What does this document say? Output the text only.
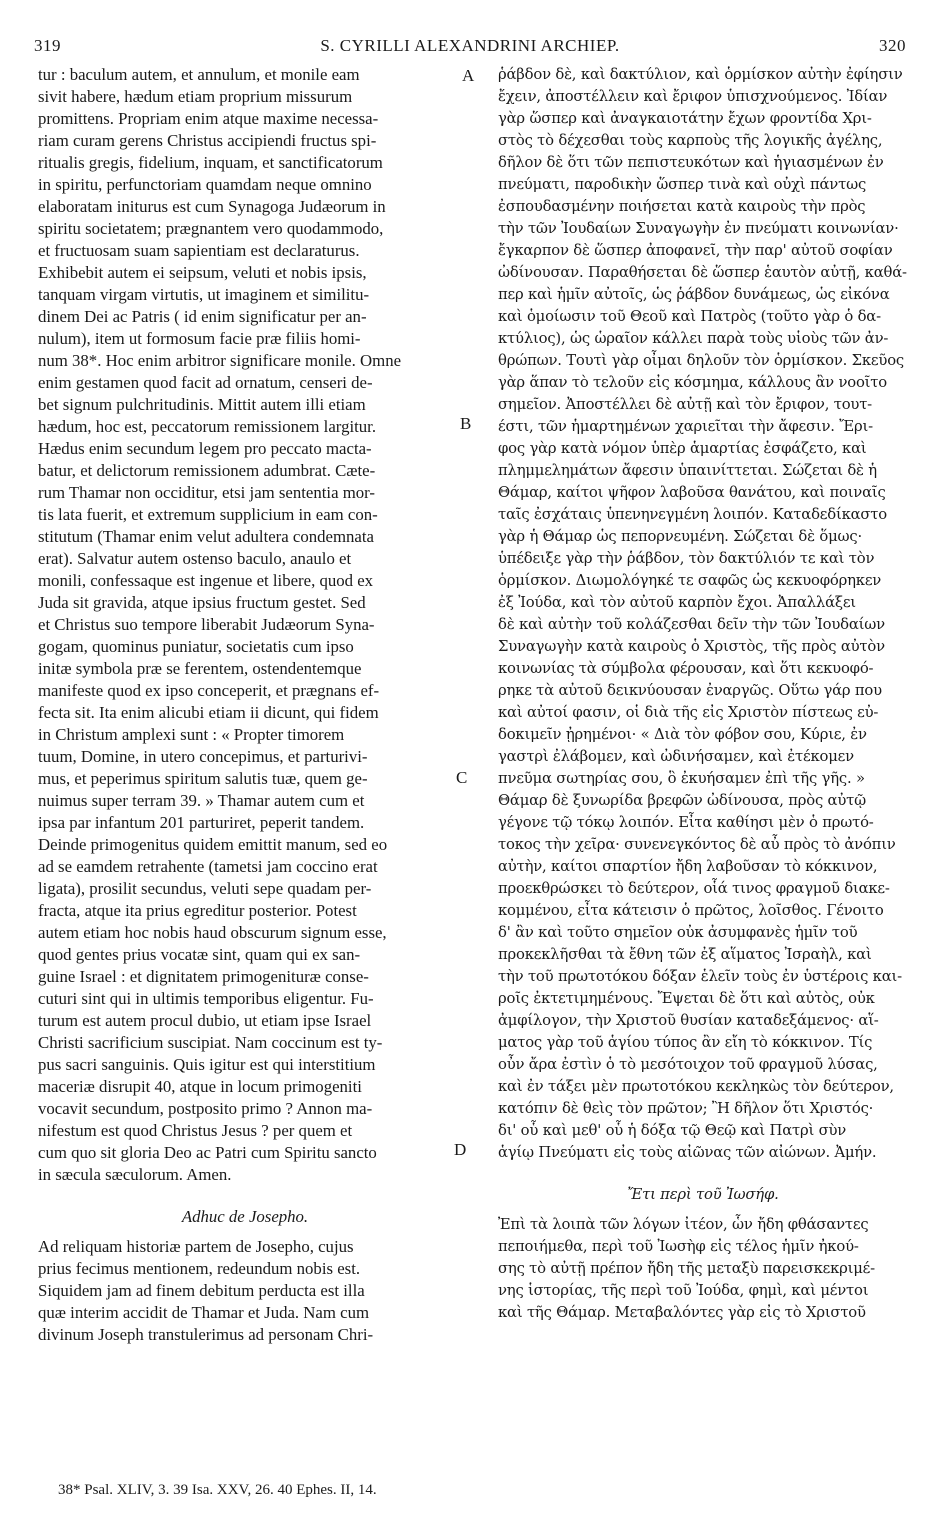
319	S. CYRILLI ALEXANDRINI ARCHIEP.	320
tur : baculum autem, et annulum, et monile eam
sivit habere, hædum etiam proprium missurum
promittens. Propriam enim atque maxime necessa-
riam curam gerens Christus accipiendi fructus spi-
ritualis gregis, fidelium, inquam, et sanctificatorum
in spiritu, perfunctoriam quamdam neque omnino
elaboratam initurus est cum Synagoga Judæorum in
spiritu societatem; prægnantem vero quodammodo,
et fructuosam suam sapientiam est declaraturus.
Exhibebit autem ei seipsum, veluti et nobis ipsis,
tanquam virgam virtutis, ut imaginem et similitu-
dinem Dei ac Patris ( id enim significatur per an-
nulum), item ut formosum facie præ filiis homi-
num 38*. Hoc enim arbitror significare monile. Omne
enim gestamen quod facit ad ornatum, censeri de-
bet signum pulchritudinis. Mittit autem illi etiam
hædum, hoc est, peccatorum remissionem largitur.
Hædus enim secundum legem pro peccato macta-
batur, et delictorum remissionem adumbrat. Cæte-
rum Thamar non occiditur, etsi jam sententia mor-
tis lata fuerit, et extremum supplicium in eam con-
stitutum (Thamar enim velut adultera condemnata
erat). Salvatur autem ostenso baculo, anaulo et
monili, confessaque est ingenue et libere, quod ex
Juda sit gravida, atque ipsius fructum gestet. Sed
et Christus suo tempore liberabit Judæorum Syna-
gogam, quominus puniatur, societatis cum ipso
initæ symbola præ se ferentem, ostendentemque
manifeste quod ex ipso conceperit, et prægnans ef-
fecta sit. Ita enim alicubi etiam ii dicunt, qui fidem
in Christum amplexi sunt : « Propter timorem
tuum, Domine, in utero concepimus, et parturivi-
mus, et peperimus spiritum salutis tuæ, quem ge-
nuimus super terram 39. » Thamar autem cum et
ipsa par infantum 201 parturiret, peperit tandem.
Deinde primogenitus quidem emittit manum, sed eo
ad se eamdem retrahente (tametsi jam coccino erat
ligata), prosilit secundus, veluti sepe quadam per-
fracta, atque ita prius egreditur posterior. Potest
autem etiam hoc nobis haud obscurum signum esse,
quod gentes prius vocatæ sint, quam qui ex san-
guine Israel : et dignitatem primogenituræ conse-
cuturi sint qui in ultimis temporibus eligentur. Fu-
turum est autem procul dubio, ut etiam ipse Israel
Christi sacrificium suscipiat. Nam coccinum est ty-
pus sacri sanguinis. Quis igitur est qui interstitium
maceriæ disrupit 40, atque in locum primogeniti
vocavit secundum, postposito primo ? Annon ma-
nifestum est quod Christus Jesus ? per quem et
cum quo sit gloria Deo ac Patri cum Spiritu sancto
in sæcula sæculorum. Amen.
Adhuc de Josepho.
Ad reliquam historiæ partem de Josepho, cujus
prius fecimus mentionem, redeundum nobis est.
Siquidem jam ad finem debitum perducta est illa
quæ interim accidit de Thamar et Juda. Nam cum
divinum Joseph transtulerimus ad personam Chri-
ῥάβδον δὲ, καὶ δακτύλιον, καὶ ὁρμίσκον αὐτὴν ἐφίησιν
ἔχειν, ἀποστέλλειν καὶ ἔριφον ὑπισχνούμενος. Ἰδίαν
γὰρ ὥσπερ καὶ ἀναγκαιοτάτην ἔχων φροντίδα Χρι-
στὸς τὸ δέχεσθαι τοὺς καρποὺς τῆς λογικῆς ἀγέλης,
δῆλον δὲ ὅτι τῶν πεπιστευκότων καὶ ἡγιασμένων ἐν
πνεύματι, παροδικὴν ὥσπερ τινὰ καὶ οὐχὶ πάντως
ἐσπουδασμένην ποιήσεται κατὰ καιροὺς τὴν πρὸς
τὴν τῶν Ἰουδαίων Συναγωγὴν ἐν πνεύματι κοινωνίαν·
ἔγκαρπον δὲ ὥσπερ ἀποφανεῖ, τὴν παρ' αὐτοῦ σοφίαν
ὠδίνουσαν. Παραθήσεται δὲ ὥσπερ ἑαυτὸν αὐτῇ, καθά-
περ καὶ ἡμῖν αὐτοῖς, ὡς ῥάβδον δυνάμεως, ὡς εἰκόνα
καὶ ὁμοίωσιν τοῦ Θεοῦ καὶ Πατρὸς (τοῦτο γὰρ ὁ δα-
κτύλιος), ὡς ὡραῖον κάλλει παρὰ τοὺς υἱοὺς τῶν ἀν-
θρώπων. Τουτὶ γὰρ οἶμαι δηλοῦν τὸν ὁρμίσκον. Σκεῦος
γὰρ ἅπαν τὸ τελοῦν εἰς κόσμημα, κάλλους ἂν νοοῖτο
σημεῖον. Ἀποστέλλει δὲ αὐτῇ καὶ τὸν ἔριφον, τουτ-
έστι, τῶν ἡμαρτημένων χαριεῖται τὴν ἄφεσιν. Ἔρι-
φος γὰρ κατὰ νόμον ὑπὲρ ἁμαρτίας ἐσφάζετο, καὶ
πλημμελημάτων ἄφεσιν ὑπαινίττεται. Σώζεται δὲ ἡ
Θάμαρ, καίτοι ψῆφον λαβοῦσα θανάτου, καὶ ποιναῖς
ταῖς ἐσχάταις ὑπενηνεγμένη λοιπόν. Καταδεδίκαστο
γὰρ ἡ Θάμαρ ὡς πεπορνευμένη. Σώζεται δὲ ὅμως·
ὑπέδειξε γὰρ τὴν ῥάβδον, τὸν δακτύλιόν τε καὶ τὸν
ὁρμίσκον. Διωμολόγηκέ τε σαφῶς ὡς κεκυοφόρηκεν
ἐξ Ἰούδα, καὶ τὸν αὐτοῦ καρπὸν ἔχοι. Ἀπαλλάξει
δὲ καὶ αὐτὴν τοῦ κολάζεσθαι δεῖν τὴν τῶν Ἰουδαίων
Συναγωγὴν κατὰ καιροὺς ὁ Χριστὸς, τῆς πρὸς αὐτὸν
κοινωνίας τὰ σύμβολα φέρουσαν, καὶ ὅτι κεκυοφό-
ρηκε τὰ αὐτοῦ δεικνύουσαν ἐναργῶς. Οὕτω γάρ που
καὶ αὐτοί φασιν, οἱ διὰ τῆς εἰς Χριστὸν πίστεως εὐ-
δοκιμεῖν ᾐρημένοι· « Διὰ τὸν φόβον σου, Κύριε, ἐν
γαστρὶ ἐλάβομεν, καὶ ὠδινήσαμεν, καὶ ἐτέκομεν
πνεῦμα σωτηρίας σου, ὃ ἐκυήσαμεν ἐπὶ τῆς γῆς. »
Θάμαρ δὲ ξυνωρίδα βρεφῶν ὠδίνουσα, πρὸς αὐτῷ
γέγονε τῷ τόκῳ λοιπόν. Εἶτα καθίησι μὲν ὁ πρωτό-
τοκος τὴν χεῖρα· συνενεγκόντος δὲ αὖ πρὸς τὸ ἀνόπιν
αὐτὴν, καίτοι σπαρτίον ἤδη λαβοῦσαν τὸ κόκκινον,
προεκθρώσκει τὸ δεύτερον, οἷά τινος φραγμοῦ διακε-
κομμένου, εἶτα κάτεισιν ὁ πρῶτος, λοῖσθος. Γένοιτο
δ' ἂν καὶ τοῦτο σημεῖον οὐκ ἀσυμφανὲς ἡμῖν τοῦ
προκεκλῆσθαι τὰ ἔθνη τῶν ἐξ αἵματος Ἰσραὴλ, καὶ
τὴν τοῦ πρωτοτόκου δόξαν ἑλεῖν τοὺς ἐν ὑστέροις και-
ροῖς ἐκτετιμημένους. Ἔψεται δὲ ὅτι καὶ αὐτὸς, οὐκ
ἀμφίλογον, τὴν Χριστοῦ θυσίαν καταδεξάμενος· αἵ-
ματος γὰρ τοῦ ἁγίου τύπος ἂν εἴη τὸ κόκκινον. Τίς
οὖν ἄρα ἐστὶν ὁ τὸ μεσότοιχον τοῦ φραγμοῦ λύσας,
καὶ ἐν τάξει μὲν πρωτοτόκου κεκληκὼς τὸν δεύτερον,
κατόπιν δὲ θεὶς τὸν πρῶτον; Ἢ δῆλον ὅτι Χριστός·
δι' οὗ καὶ μεθ' οὗ ἡ δόξα τῷ Θεῷ καὶ Πατρὶ σὺν
ἁγίῳ Πνεύματι εἰς τοὺς αἰῶνας τῶν αἰώνων. Ἀμήν.
Ἔτι περὶ τοῦ Ἰωσήφ.
Ἐπὶ τὰ λοιπὰ τῶν λόγων ἰτέον, ὧν ἤδη φθάσαντες
πεποιήμεθα, περὶ τοῦ Ἰωσὴφ εἰς τέλος ἡμῖν ἠκού-
σης τὸ αὐτῇ πρέπον ἤδη τῆς μεταξὺ παρεισκεκριμέ-
νης ἱστορίας, τῆς περὶ τοῦ Ἰούδα, φημὶ, καὶ μέντοι
καὶ τῆς Θάμαρ. Μεταβαλόντες γὰρ εἰς τὸ Χριστοῦ
A
B
C
D
38* Psal. XLIV, 3. 39 Isa. XXV, 26. 40 Ephes. II, 14.
